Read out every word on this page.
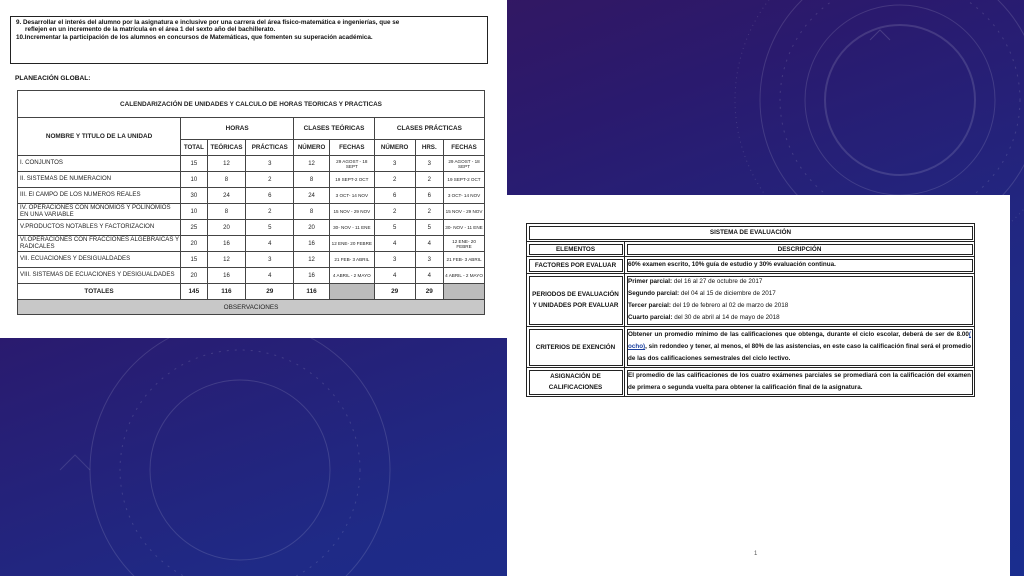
9. Desarrollar el interés del alumno por la asignatura e inclusive por una carrera del área físico-matemática e ingenierías, que se

reflejen en un incremento de la matrícula en el área 1 del sexto año del bachillerato.

10.Incrementar la participación de los alumnos en concursos de Matemáticas, que fomenten su superación académica.

PLANEACIÓN GLOBAL:
CALENDARIZACIÓN DE UNIDADES Y CALCULO DE HORAS TEORICAS Y PRACTICAS								
NOMBRE Y TITULO DE LA UNIDAD	HORAS			CLASES TEÓRICAS		CLASES PRÁCTICAS		
	TOTAL	TEÓRICAS	PRÁCTICAS	NÚMERO	FECHAS	NÚMERO	HRS.	FECHAS
I. CONJUNTOS	15	12	3	12	29 AGOST - 18 SEPT	3	3	29 AGOST - 18 SEPT
II. SISTEMAS DE NUMERACION	10	8	2	8	19 SEPT-2 OCT	2	2	19 SEPT-2 OCT
III. El CAMPO DE LOS NUMEROS REALES	30	24	6	24	3 OCT- 14 NOV	6	6	3 OCT- 14 NOV
IV. OPERACIONES CON MONOMIOS Y POLINOMIOS EN UNA VARIABLE	10	8	2	8	15 NOV - 29 NOV	2	2	15 NOV - 29 NOV
V.PRODUCTOS NOTABLES Y FACTORIZACION	25	20	5	20	30- NOV - 11 ENE	5	5	30- NOV - 11 ENE
VI.OPERACIONES CON FRACCIONES ALGEBRAICAS Y RADICALES	20	16	4	16	12 ENE- 20 FEBRE	4	4	12 ENE- 20 FEBRE
VII. ECUACIONES Y DESIGUALDADES	15	12	3	12	21 FEB- 3 ABRIL	3	3	21 FEB- 3 ABRIL
VIII. SISTEMAS DE ECUACIONES Y DESIGUALDADES	20	16	4	16	4 ABRIL - 2 MAYO	4	4	4 ABRIL - 2 MAYO
TOTALES	145	116	29	116		29	29	
OBSERVACIONES								
SISTEMA DE EVALUACIÓN	
ELEMENTOS	DESCRIPCIÓN
FACTORES POR EVALUAR	60% examen escrito, 10% guía de estudio y 30% evaluación continua.
PERIODOS DE EVALUACIÓN Y UNIDADES POR EVALUAR	Primer parcial: del 16 al 27 de octubre de 2017
Segundo parcial: del 04 al 15 de diciembre de 2017
Tercer parcial: del 19 de febrero al 02 de marzo de 2018
Cuarto parcial: del 30 de abril al 14 de mayo de 2018

CRITERIOS DE EXENCIÓN	Obtener un promedio mínimo de las calificaciones que obtenga, durante el ciclo escolar, deberá de ser de 8.00( ocho), sin redondeo y tener, al menos, el 80% de las asistencias, en este caso la calificación final será el promedio de las dos calificaciones semestrales del ciclo lectivo.
ASIGNACIÓN DE CALIFICACIONES	El promedio de las calificaciones de los cuatro exámenes parciales se promediará con la calificación del examen de primera o segunda vuelta para obtener la calificación final de la asignatura.
1
